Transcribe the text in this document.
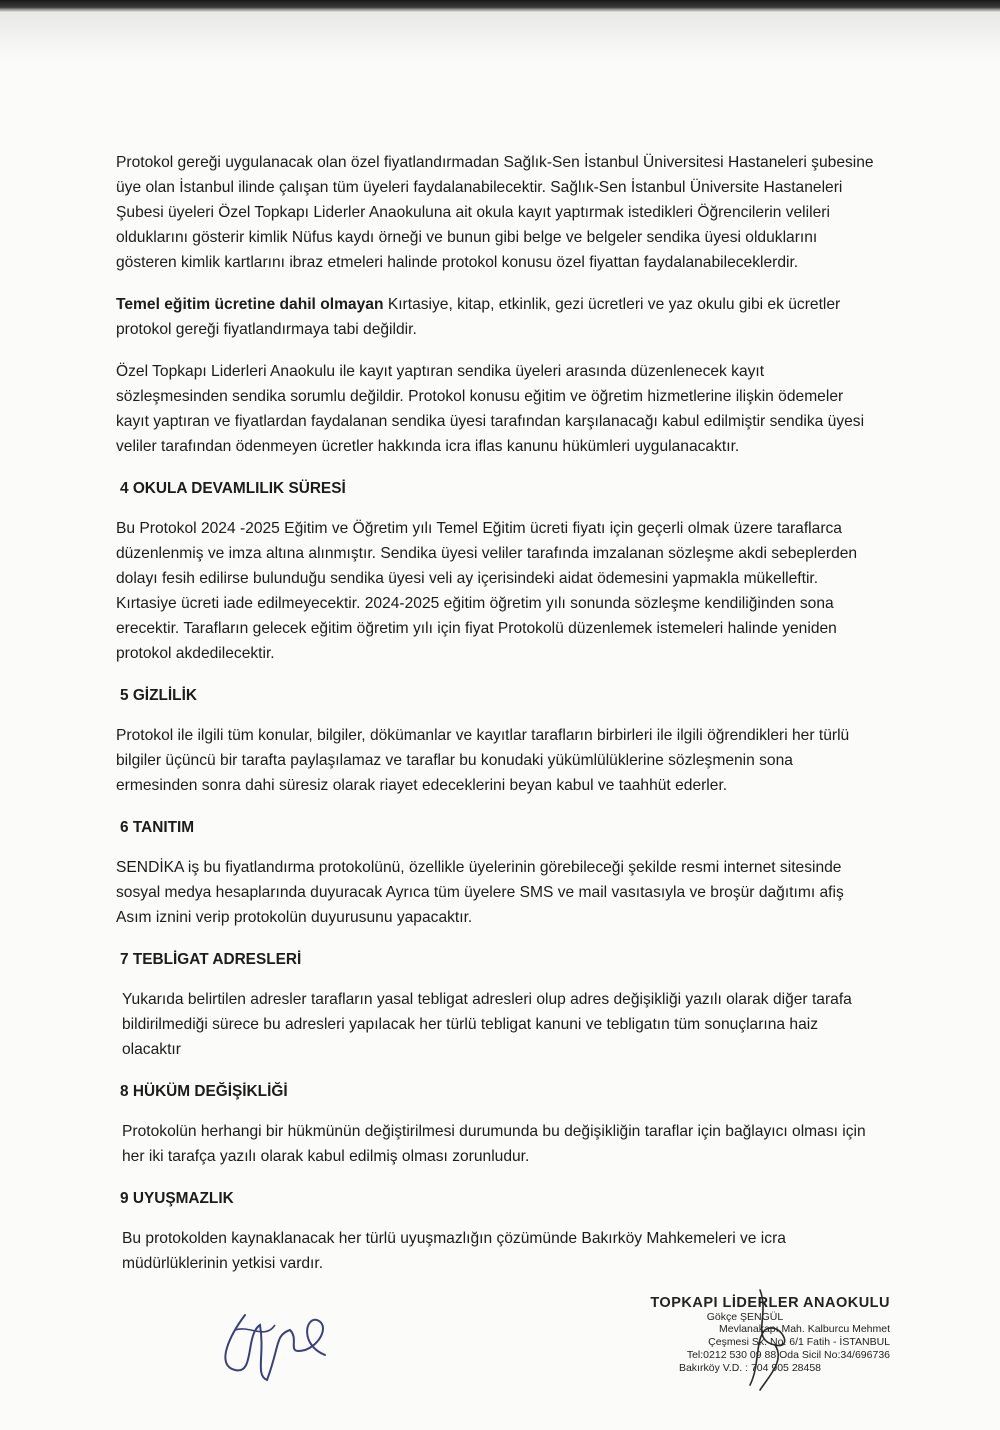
Protokol gereği uygulanacak olan özel fiyatlandırmadan Sağlık-Sen İstanbul Üniversitesi Hastaneleri şubesine üye olan İstanbul ilinde çalışan tüm üyeleri faydalanabilecektir. Sağlık-Sen İstanbul Üniversite Hastaneleri Şubesi üyeleri Özel Topkapı Liderler Anaokuluna ait okula kayıt yaptırmak istedikleri Öğrencilerin velileri olduklarını gösterir kimlik Nüfus kaydı örneği ve bunun gibi belge ve belgeler sendika üyesi olduklarını gösteren kimlik kartlarını ibraz etmeleri halinde protokol konusu özel fiyattan faydalanabileceklerdir.

Temel eğitim ücretine dahil olmayan Kırtasiye, kitap, etkinlik, gezi ücretleri ve yaz okulu gibi ek ücretler protokol gereği fiyatlandırmaya tabi değildir.

Özel Topkapı Liderleri Anaokulu ile kayıt yaptıran sendika üyeleri arasında düzenlenecek kayıt sözleşmesinden sendika sorumlu değildir. Protokol konusu eğitim ve öğretim hizmetlerine ilişkin ödemeler kayıt yaptıran ve fiyatlardan faydalanan sendika üyesi tarafından karşılanacağı kabul edilmiştir sendika üyesi veliler tarafından ödenmeyen ücretler hakkında icra iflas kanunu hükümleri uygulanacaktır.

4 OKULA DEVAMLILIK SÜRESİ

Bu Protokol 2024 -2025 Eğitim ve Öğretim yılı Temel Eğitim ücreti fiyatı için geçerli olmak üzere taraflarca düzenlenmiş ve imza altına alınmıştır. Sendika üyesi veliler tarafında imzalanan sözleşme akdi sebeplerden dolayı fesih edilirse bulunduğu sendika üyesi veli ay içerisindeki aidat ödemesini yapmakla mükelleftir. Kırtasiye ücreti iade edilmeyecektir. 2024-2025 eğitim öğretim yılı sonunda sözleşme kendiliğinden sona erecektir. Tarafların gelecek eğitim öğretim yılı için fiyat Protokolü düzenlemek istemeleri halinde yeniden protokol akdedilecektir.

5 GİZLİLİK

Protokol ile ilgili tüm konular, bilgiler, dökümanlar ve kayıtlar tarafların birbirleri ile ilgili öğrendikleri her türlü bilgiler üçüncü bir tarafta paylaşılamaz ve taraflar bu konudaki yükümlülüklerine sözleşmenin sona ermesinden sonra dahi süresiz olarak riayet edeceklerini beyan kabul ve taahhüt ederler.

6 TANITIM

SENDİKA iş bu fiyatlandırma protokolünü, özellikle üyelerinin görebileceği şekilde resmi internet sitesinde sosyal medya hesaplarında duyuracak Ayrıca tüm üyelere SMS ve mail vasıtasıyla ve broşür dağıtımı afiş Asım iznini verip protokolün duyurusunu yapacaktır.

7 TEBLİGAT ADRESLERİ

Yukarıda belirtilen adresler tarafların yasal tebligat adresleri olup adres değişikliği yazılı olarak diğer tarafa bildirilmediği sürece bu adresleri yapılacak her türlü tebligat kanuni ve tebligatın tüm sonuçlarına haiz olacaktır

8 HÜKÜM DEĞİŞİKLİĞİ

Protokolün herhangi bir hükmünün değiştirilmesi durumunda bu değişikliğin taraflar için bağlayıcı olması için her iki tarafça yazılı olarak kabul edilmiş olması zorunludur.

9 UYUŞMAZLIK

Bu protokolden kaynaklanacak her türlü uyuşmazlığın çözümünde Bakırköy Mahkemeleri ve icra müdürlüklerinin yetkisi vardır.

TOPKAPI LİDERLER ANAOKULU
Gökçe ŞENGÜL
Mevlanakapı Mah. Kalburcu Mehmet
Çeşmesi Sk. No: 6/1 Fatih - İSTANBUL
Tel:0212 530 09 88 Oda Sicil No:34/696736
Bakırköy V.D. : 704 905 28458
